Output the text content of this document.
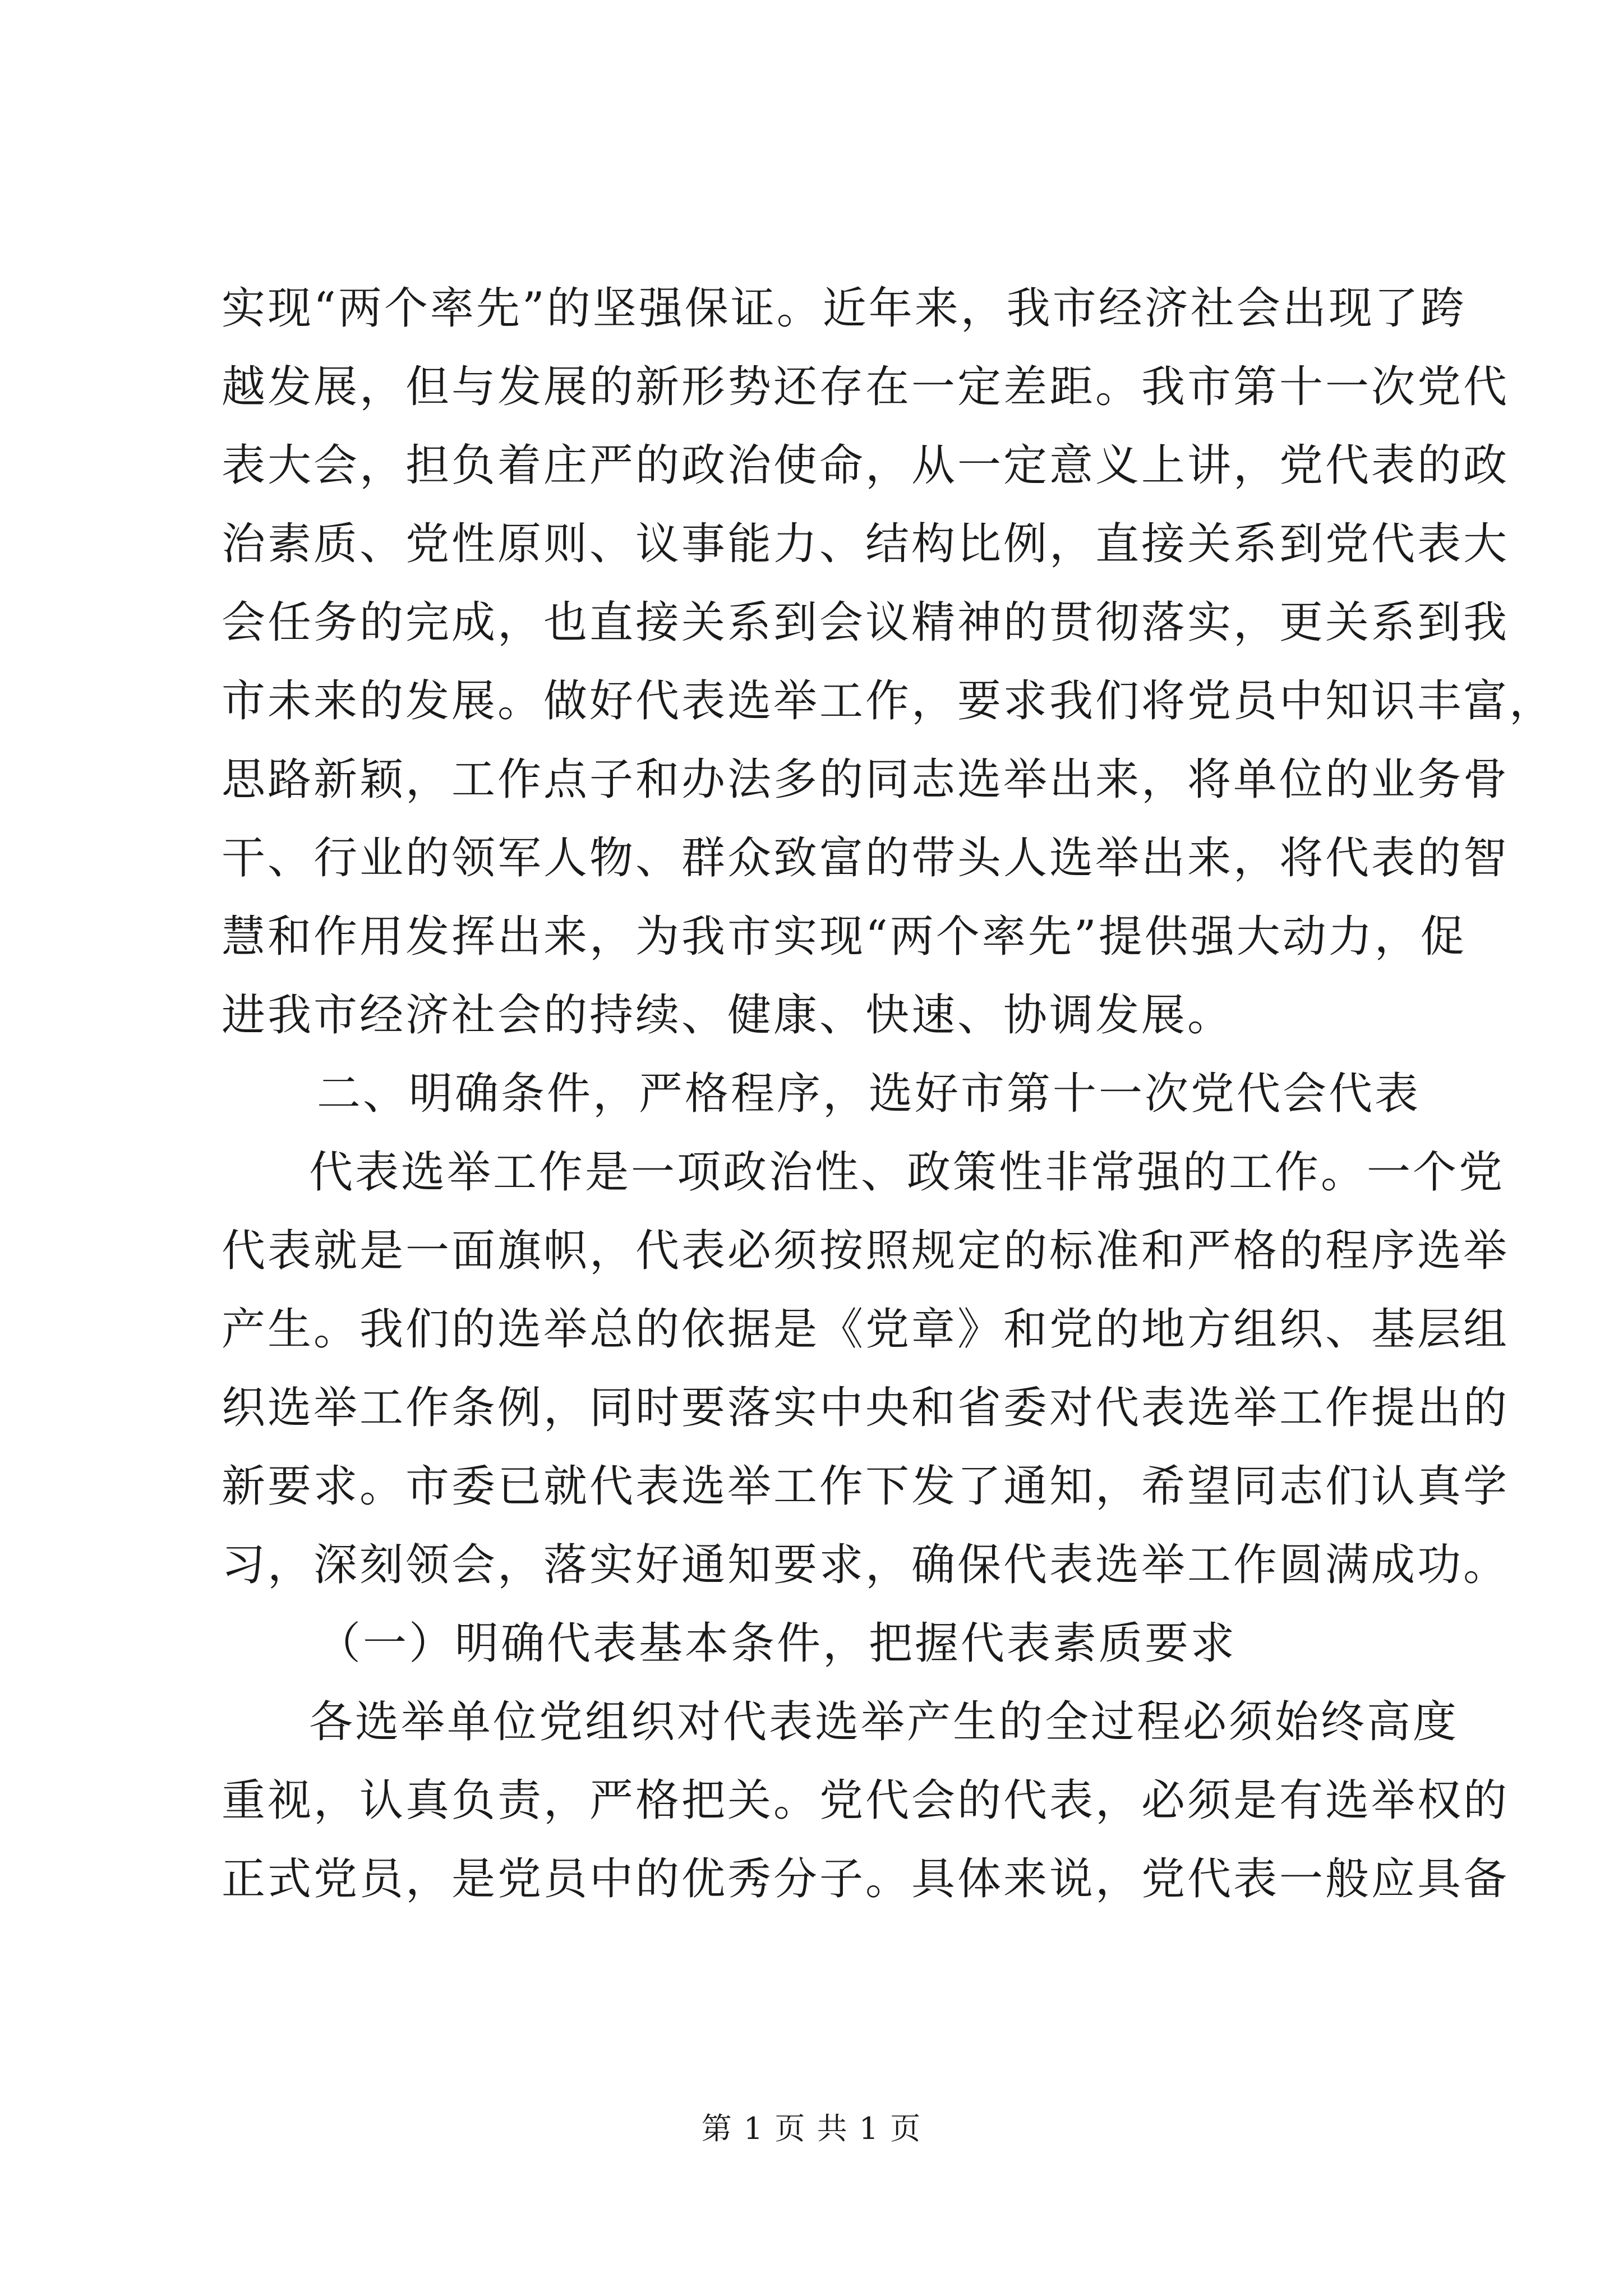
实现“两个率先”的坚强保证。近年来，我市经济社会出现了跨
越发展，但与发展的新形势还存在一定差距。我市第十一次党代
表大会，担负着庄严的政治使命，从一定意义上讲，党代表的政
治素质、党性原则、议事能力、结构比例，直接关系到党代表大
会任务的完成，也直接关系到会议精神的贯彻落实，更关系到我
市未来的发展。做好代表选举工作，要求我们将党员中知识丰富，
思路新颖，工作点子和办法多的同志选举出来，将单位的业务骨
干、行业的领军人物、群众致富的带头人选举出来，将代表的智
慧和作用发挥出来，为我市实现“两个率先”提供强大动力，促
进我市经济社会的持续、健康、快速、协调发展。
二、明确条件，严格程序，选好市第十一次党代会代表
代表选举工作是一项政治性、政策性非常强的工作。一个党
代表就是一面旗帜，代表必须按照规定的标准和严格的程序选举
产生。我们的选举总的依据是《党章》和党的地方组织、基层组
织选举工作条例，同时要落实中央和省委对代表选举工作提出的
新要求。市委已就代表选举工作下发了通知，希望同志们认真学
习，深刻领会，落实好通知要求，确保代表选举工作圆满成功。
（一）明确代表基本条件，把握代表素质要求
各选举单位党组织对代表选举产生的全过程必须始终高度
重视，认真负责，严格把关。党代会的代表，必须是有选举权的
正式党员，是党员中的优秀分子。具体来说，党代表一般应具备
第 1 页 共 1 页
